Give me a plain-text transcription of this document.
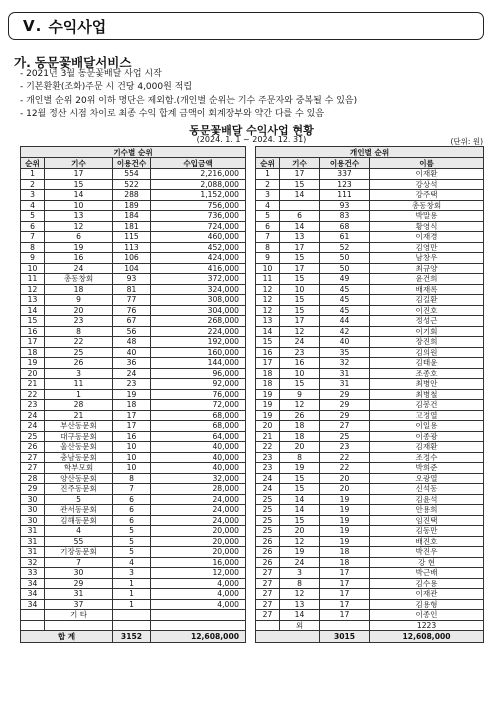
Ⅴ. 수익사업
가. 동문꽃배달서비스
- 2021년 3월 동문꽃배달 사업 시작
- 기본환환(조화)주문 시 건당 4,000원 적립
- 개인별 순위 20위 이하 명단은 제외함.(개인별 순위는 기수 주문자와 중복될 수 있음)
- 12월 정산 시점 차이로 최종 수익 합계 금액이 회계장부와 약간 다를 수 있음
동문꽃배달 수익사업 현황
(2024. 1. 1 ~ 2024. 12. 31)	(단위: 원)
기수별 순위					개인별 순위			
순위	기수	이용건수	수입금액		순위	기수	이용건수	이름
1	17	554	2,216,000		1	17	337	이재환
2	15	522	2,088,000		2	15	123	강상석
3	14	288	1,152,000		3	14	111	강주택
4	10	189	756,000		4		93	총동창회
5	13	184	736,000		5	6	83	박말용
6	12	181	724,000		6	14	68	황영식
7	6	115	460,000		7	13	61	이재경
8	19	113	452,000		8	17	52	김영만
9	16	106	424,000		9	15	50	남창우
10	24	104	416,000		10	17	50	최규양
11	총동창회	93	372,000		11	15	49	윤건희
12	18	81	324,000		12	10	45	배재록
13	9	77	308,000		12	15	45	김길환
14	20	76	304,000		12	15	45	이진호
15	23	67	268,000		13	17	44	정성근
16	8	56	224,000		14	12	42	이기회
17	22	48	192,000		15	24	40	장진희
18	25	40	160,000		16	23	35	김의원
19	26	36	144,000		17	16	32	김태윤
20	3	24	96,000		18	10	31	조종호
21	11	23	92,000		18	15	31	최병안
22	1	19	76,000		19	9	29	최병철
23	28	18	72,000		19	12	29	김봉건
24	21	17	68,000		19	26	29	고정열
24	부산동문회	17	68,000		20	18	27	이일용
25	대구동문회	16	64,000		21	18	25	이종광
26	울산동문회	10	40,000		22	20	23	김재환
27	충남동문회	10	40,000		23	8	22	조정수
27	학부모회	10	40,000		23	19	22	박희준
28	양산동문회	8	32,000		24	15	20	오광열
29	진주동문회	7	28,000		24	15	20	신석동
30	5	6	24,000		25	14	19	김윤석
30	관서동문회	6	24,000		25	14	19	안용희
30	김해동문회	6	24,000		25	15	19	임진택
31	4	5	20,000		25	20	19	김동만
31	55	5	20,000		26	12	19	배진호
31	기장동문회	5	20,000		26	19	18	박진우
32	7	4	16,000		26	24	18	강 현
33	30	3	12,000		27	3	17	박근배
34	29	1	4,000		27	8	17	김수용
34	31	1	4,000		27	12	17	이재관
34	37	1	4,000		27	13	17	김용형
	기 타				27	14	17	이종인
						외		1223
합 계		3152	12,608,000				3015	12,608,000
